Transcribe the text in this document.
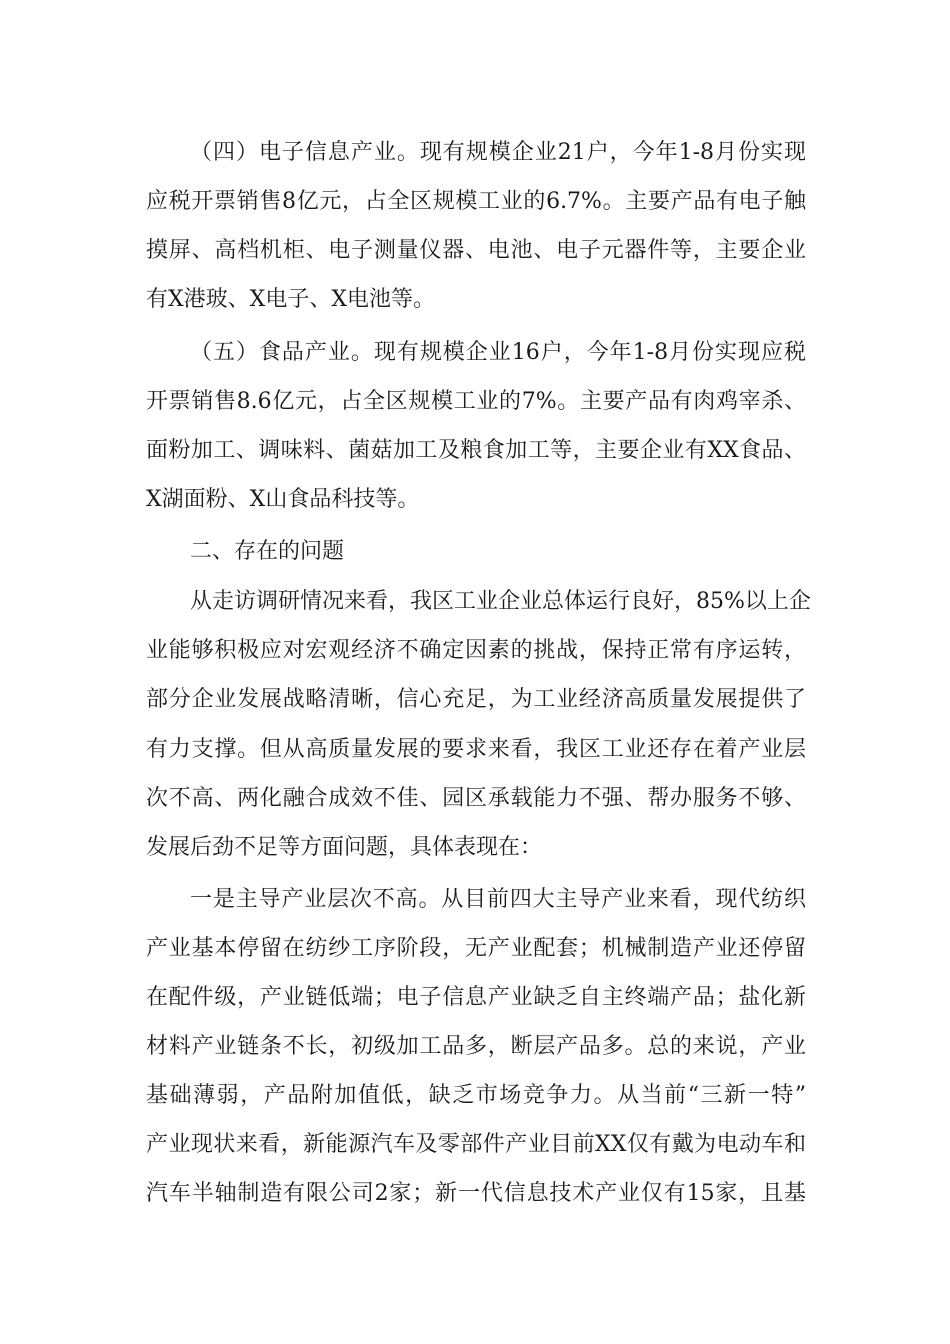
（四）电子信息产业。现有规模企业21户，今年1-8月份实现
应税开票销售8亿元，占全区规模工业的6.7%。主要产品有电子触
摸屏、高档机柜、电子测量仪器、电池、电子元器件等，主要企业
有X港玻、X电子、X电池等。
（五）食品产业。现有规模企业16户，今年1-8月份实现应税
开票销售8.6亿元，占全区规模工业的7%。主要产品有肉鸡宰杀、
面粉加工、调味料、菌菇加工及粮食加工等，主要企业有XX食品、
X湖面粉、X山食品科技等。
二、存在的问题
从走访调研情况来看，我区工业企业总体运行良好，85%以上企
业能够积极应对宏观经济不确定因素的挑战，保持正常有序运转，
部分企业发展战略清晰，信心充足，为工业经济高质量发展提供了
有力支撑。但从高质量发展的要求来看，我区工业还存在着产业层
次不高、两化融合成效不佳、园区承载能力不强、帮办服务不够、
发展后劲不足等方面问题，具体表现在：
一是主导产业层次不高。从目前四大主导产业来看，现代纺织
产业基本停留在纺纱工序阶段，无产业配套；机械制造产业还停留
在配件级，产业链低端；电子信息产业缺乏自主终端产品；盐化新
材料产业链条不长，初级加工品多，断层产品多。总的来说，产业
基础薄弱，产品附加值低，缺乏市场竞争力。从当前“三新一特”
产业现状来看，新能源汽车及零部件产业目前XX仅有戴为电动车和
汽车半轴制造有限公司2家；新一代信息技术产业仅有15家，且基
